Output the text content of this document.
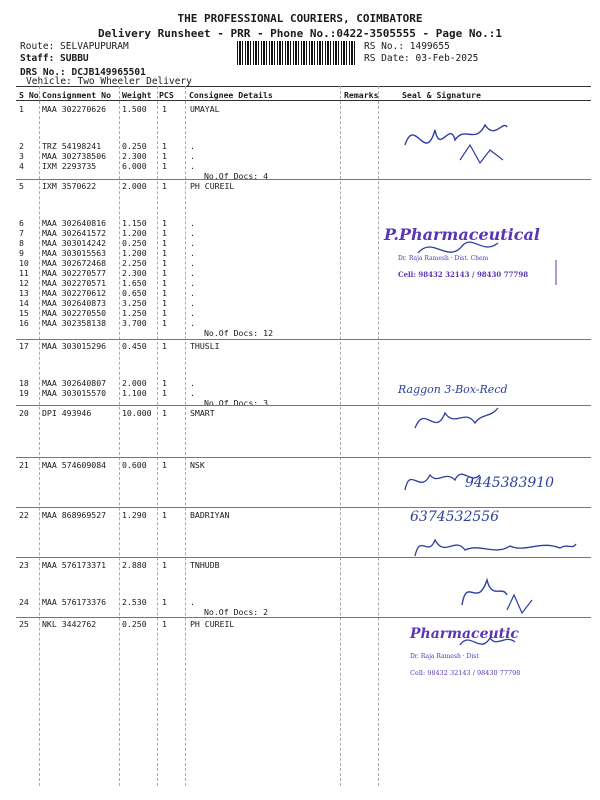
THE PROFESSIONAL COURIERS, COIMBATORE
Delivery Runsheet - PRR - Phone No.:0422-3505555 - Page No.:1
Route: SELVAPUPURAM
Staff: SUBBU
DRS No.: DCJB149965501
Vehicle: Two Wheeler Delivery
RS No.: 1499655
RS Date: 03-Feb-2025
S No Consignment No Weight PCS Consignee Details	Remarks	Seal & Signature
1 MAA 302270626 1.500 1	UMAYAL
2 TRZ 54198241	0.250 1	.
3 MAA 302738506 2.300 1	.
4 IXM 2293735	6.000 1	.
5 IXM 3570622	2.000 1	PH CUREIL
6 MAA 302640816 1.150 1	.
7 MAA 302641572 1.200 1	.
8 MAA 303014242 0.250 1	.
9 MAA 303015563 1.200 1	.
10 MAA 302672468 2.250 1	.
11 MAA 302270577 2.300 1	.
12 MAA 302270571 1.650 1	.
13 MAA 302270612 0.650 1	.
14 MAA 302640873 3.250 1	.
15 MAA 302270550 1.250 1	.
16 MAA 302358138 3.700 1	.
17 MAA 303015296 0.450 1	THUSLI
18 MAA 302640807 2.000 1	.
19 MAA 303015570 1.100 1	.
20 DPI 493946	10.000 1	SMART
21 MAA 574609084 0.600 1	NSK
22 MAA 868969527 1.290 1	BADRIYAN
23 MAA 576173371 2.880 1	TNHUDB
24 MAA 576173376 2.530 1	.
25 NKL 3442762	0.250 1	PH CUREIL
No.Of Docs: 4
No.Of Docs: 12
No.Of Docs: 3
No.Of Docs: 2
P.Pharmaceutical
Dr. Raja Ramesh · Dist. Chem
Cell: 98432 32143 / 98430 77798
Raggon 3-Box-Recd
9445383910
6374532556
Pharmaceutic
Dr. Raja Ramesh · Dist
Cell: 98432 32143 / 98430 77798
